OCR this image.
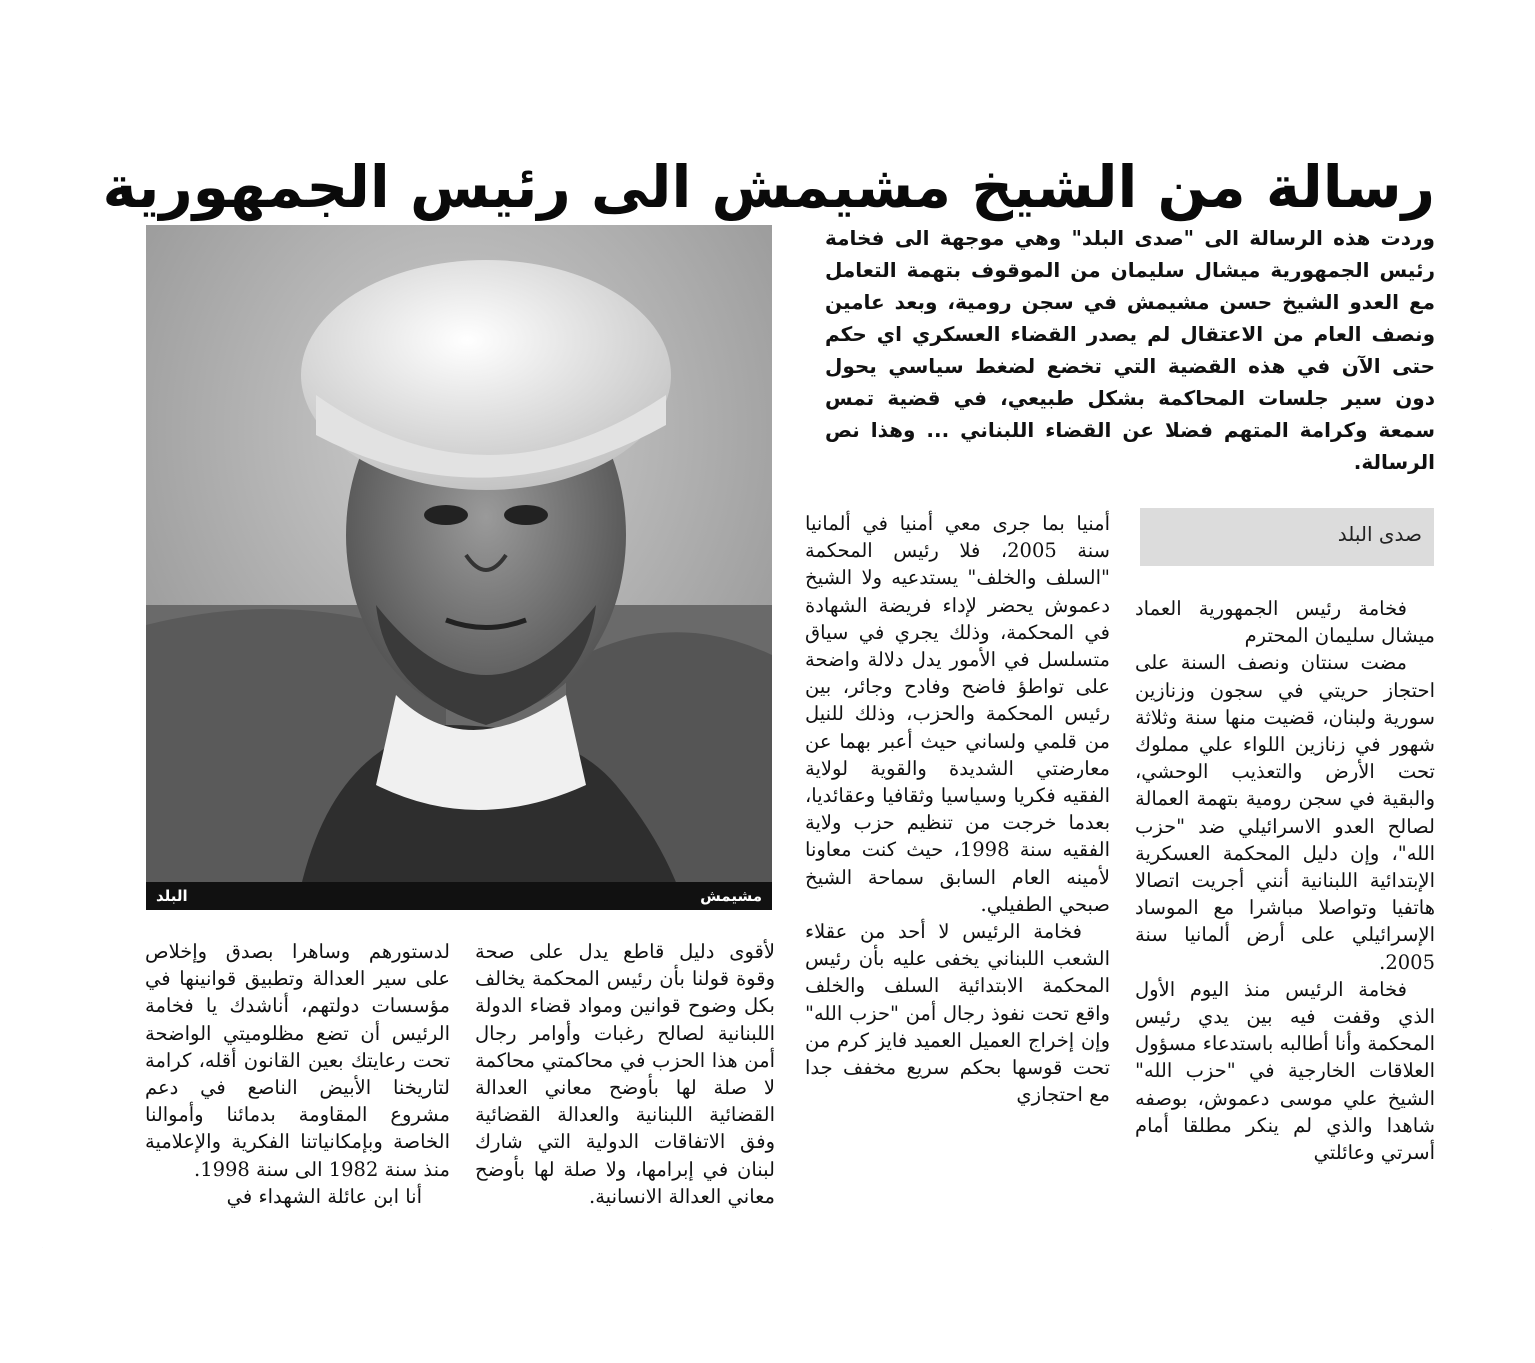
رسالة من الشيخ مشيمش الى رئيس الجمهورية
وردت هذه الرسالة الى "صدى البلد" وهي موجهة الى فخامة رئيس الجمهورية ميشال سليمان من الموقوف بتهمة التعامل مع العدو الشيخ حسن مشيمش في سجن رومية، وبعد عامين ونصف العام من الاعتقال لم يصدر القضاء العسكري اي حكم حتى الآن في هذه القضية التي تخضع لضغط سياسي يحول دون سير جلسات المحاكمة بشكل طبيعي، في قضية تمس سمعة وكرامة المتهم فضلا عن القضاء اللبناني ... وهذا نص الرسالة.
البلد	مشيمش
صدى البلد

فخامة رئيس الجمهورية العماد ميشال سليمان المحترم

مضت سنتان ونصف السنة على احتجاز حريتي في سجون وزنازين سورية ولبنان، قضيت منها سنة وثلاثة شهور في زنازين اللواء علي مملوك تحت الأرض والتعذيب الوحشي، والبقية في سجن رومية بتهمة العمالة لصالح العدو الاسرائيلي ضد "حزب الله"، وإن دليل المحكمة العسكرية الإبتدائية اللبنانية أنني أجريت اتصالا هاتفيا وتواصلا مباشرا مع الموساد الإسرائيلي على أرض ألمانيا سنة 2005.

فخامة الرئيس منذ اليوم الأول الذي وقفت فيه بين يدي رئيس المحكمة وأنا أطالبه باستدعاء مسؤول العلاقات الخارجية في "حزب الله" الشيخ علي موسى دعموش، بوصفه شاهدا والذي لم ينكر مطلقا أمام أسرتي وعائلتي

أمنيا بما جرى معي أمنيا في ألمانيا سنة 2005، فلا رئيس المحكمة "السلف والخلف" يستدعيه ولا الشيخ دعموش يحضر لإداء فريضة الشهادة في المحكمة، وذلك يجري في سياق متسلسل في الأمور يدل دلالة واضحة على تواطؤ فاضح وفادح وجائر، بين رئيس المحكمة والحزب، وذلك للنيل من قلمي ولساني حيث أعبر بهما عن معارضتي الشديدة والقوية لولاية الفقيه فكريا وسياسيا وثقافيا وعقائديا، بعدما خرجت من تنظيم حزب ولاية الفقيه سنة 1998، حيث كنت معاونا لأمينه العام السابق سماحة الشيخ صبحي الطفيلي.

فخامة الرئيس لا أحد من عقلاء الشعب اللبناني يخفى عليه بأن رئيس المحكمة الابتدائية السلف والخلف واقع تحت نفوذ رجال أمن "حزب الله" وإن إخراج العميل العميد فايز كرم من تحت قوسها بحكم سريع مخفف جدا مع احتجازي

لأقوى دليل قاطع يدل على صحة وقوة قولنا بأن رئيس المحكمة يخالف بكل وضوح قوانين ومواد قضاء الدولة اللبنانية لصالح رغبات وأوامر رجال أمن هذا الحزب في محاكمتي محاكمة لا صلة لها بأوضح معاني العدالة القضائية اللبنانية والعدالة القضائية وفق الاتفاقات الدولية التي شارك لبنان في إبرامها، ولا صلة لها بأوضح معاني العدالة الانسانية.

لدستورهم وساهرا بصدق وإخلاص على سير العدالة وتطبيق قوانينها في مؤسسات دولتهم، أناشدك يا فخامة الرئيس أن تضع مظلوميتي الواضحة تحت رعايتك بعين القانون أقله، كرامة لتاريخنا الأبيض الناصع في دعم مشروع المقاومة بدمائنا وأموالنا الخاصة وبإمكانياتنا الفكرية والإعلامية منذ سنة 1982 الى سنة 1998.

أنا ابن عائلة الشهداء في
